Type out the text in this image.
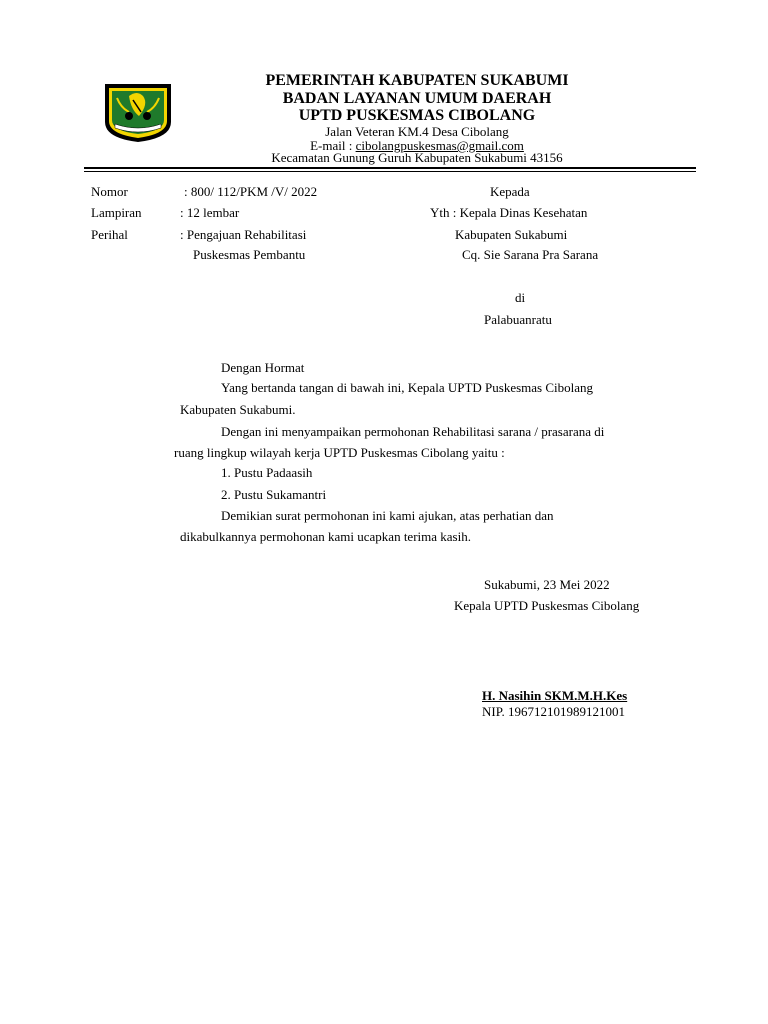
PEMERINTAH KABUPATEN SUKABUMI
BADAN LAYANAN UMUM DAERAH
UPTD PUSKESMAS CIBOLANG
Jalan Veteran KM.4 Desa Cibolang
E-mail : cibolangpuskesmas@gmail.com
Kecamatan Gunung Guruh Kabupaten Sukabumi 43156
Nomor	: 800/ 112/PKM /V/ 2022
Lampiran	: 12 lembar
Perihal	: Pengajuan Rehabilitasi
Puskesmas Pembantu
Kepada
Yth : Kepala Dinas Kesehatan
Kabupaten Sukabumi
Cq. Sie Sarana Pra Sarana
di
Palabuanratu
Dengan Hormat
Yang bertanda tangan di bawah ini, Kepala UPTD Puskesmas Cibolang
Kabupaten Sukabumi.
Dengan ini menyampaikan permohonan Rehabilitasi sarana / prasarana di
ruang lingkup wilayah kerja UPTD Puskesmas Cibolang yaitu :
1. Pustu Padaasih
2. Pustu Sukamantri
Demikian surat permohonan ini kami ajukan, atas perhatian dan
dikabulkannya permohonan kami ucapkan terima kasih.
Sukabumi, 23 Mei 2022
Kepala UPTD Puskesmas Cibolang
H. Nasihin SKM.M.H.Kes
NIP. 196712101989121001
